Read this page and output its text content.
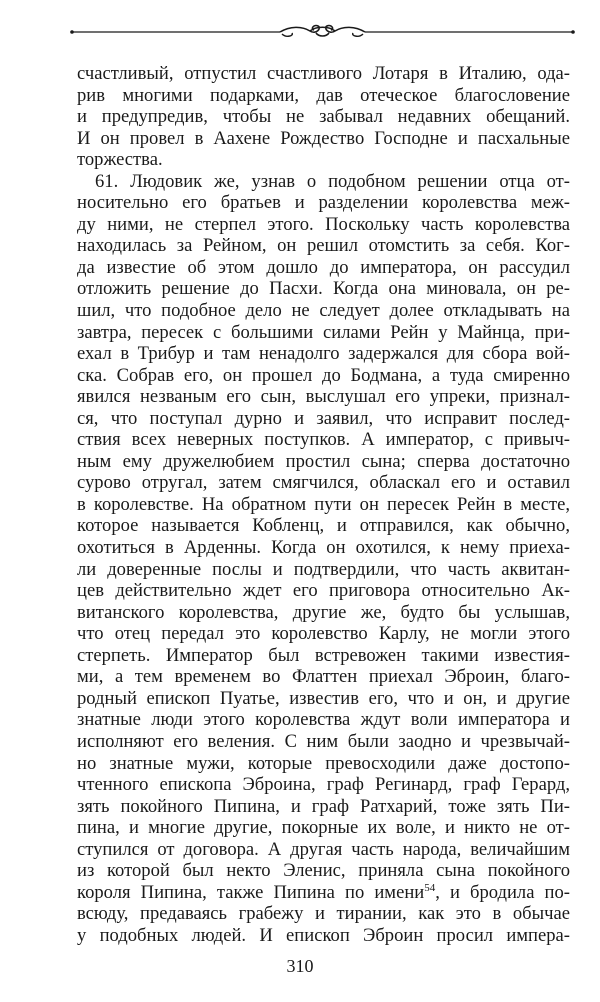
счастливый, отпустил счастливого Лотаря в Италию, ода-
рив многими подарками, дав отеческое благословение
и предупредив, чтобы не забывал недавних обещаний.
И он провел в Аахене Рождество Господне и пасхальные
торжества.
61. Людовик же, узнав о подобном решении отца от-
носительно его братьев и разделении королевства меж-
ду ними, не стерпел этого. Поскольку часть королевства
находилась за Рейном, он решил отомстить за себя. Ког-
да известие об этом дошло до императора, он рассудил
отложить решение до Пасхи. Когда она миновала, он ре-
шил, что подобное дело не следует долее откладывать на
завтра, пересек с большими силами Рейн у Майнца, при-
ехал в Трибур и там ненадолго задержался для сбора вой-
ска. Собрав его, он прошел до Бодмана, а туда смиренно
явился незваным его сын, выслушал его упреки, признал-
ся, что поступал дурно и заявил, что исправит послед-
ствия всех неверных поступков. А император, с привыч-
ным ему дружелюбием простил сына; сперва достаточно
сурово отругал, затем смягчился, обласкал его и оставил
в королевстве. На обратном пути он пересек Рейн в месте,
которое называется Кобленц, и отправился, как обычно,
охотиться в Арденны. Когда он охотился, к нему приеха-
ли доверенные послы и подтвердили, что часть аквитан-
цев действительно ждет его приговора относительно Ак-
витанского королевства, другие же, будто бы услышав,
что отец передал это королевство Карлу, не могли этого
стерпеть. Император был встревожен такими известия-
ми, а тем временем во Флаттен приехал Эброин, благо-
родный епископ Пуатье, известив его, что и он, и другие
знатные люди этого королевства ждут воли императора и
исполняют его веления. С ним были заодно и чрезвычай-
но знатные мужи, которые превосходили даже достопо-
чтенного епископа Эброина, граф Регинард, граф Герард,
зять покойного Пипина, и граф Ратхарий, тоже зять Пи-
пина, и многие другие, покорные их воле, и никто не от-
ступился от договора. А другая часть народа, величайшим
из которой был некто Эленис, приняла сына покойного
короля Пипина, также Пипина по имени$^{54}$, и бродила по-
всюду, предаваясь грабежу и тирании, как это в обычае
у подобных людей. И епископ Эброин просил импера-
310
